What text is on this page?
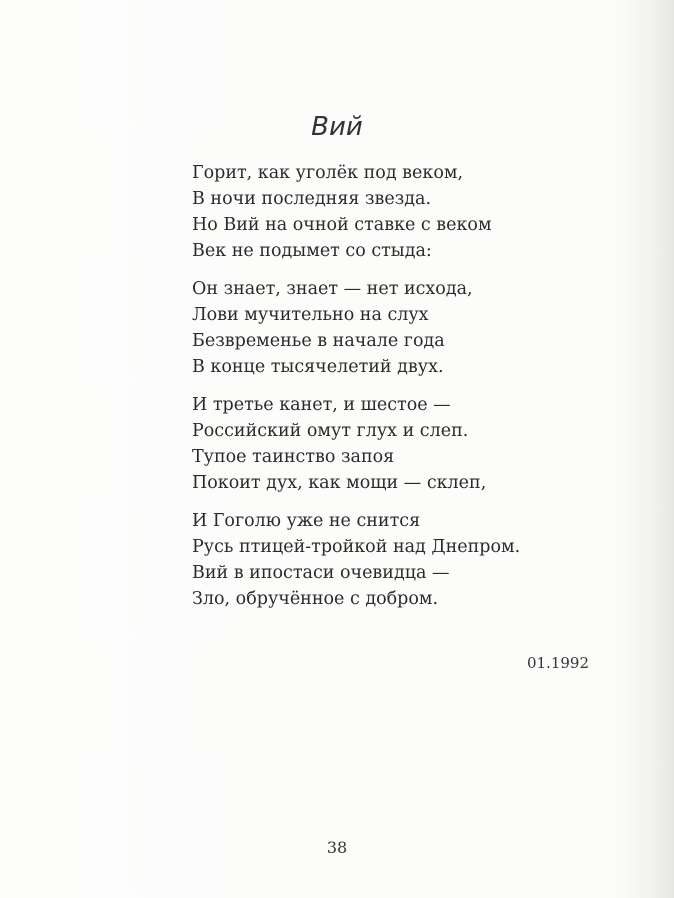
Вий
Горит, как уголёк под веком,
В ночи последняя звезда.
Но Вий на очной ставке с веком
Век не подымет со стыда:
Он знает, знает — нет исхода,
Лови мучительно на слух
Безвременье в начале года
В конце тысячелетий двух.
И третье канет, и шестое —
Российский омут глух и слеп.
Тупое таинство запоя
Покоит дух, как мощи — склеп,
И Гоголю уже не снится
Русь птицей-тройкой над Днепром.
Вий в ипостаси очевидца —
Зло, обручённое с добром.
01.1992
38
